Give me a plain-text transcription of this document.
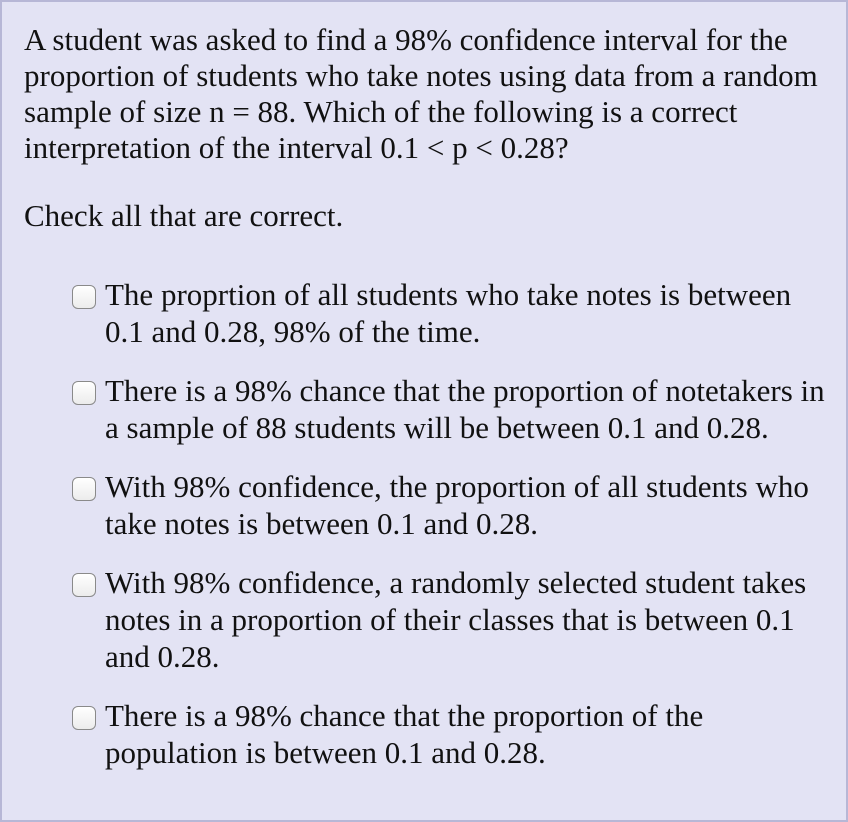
A student was asked to find a 98% confidence interval for the proportion of students who take notes using data from a random sample of size n = 88. Which of the following is a correct interpretation of the interval 0.1 < p < 0.28?

Check all that are correct.

The proprtion of all students who take notes is between 0.1 and 0.28, 98% of the time.
There is a 98% chance that the proportion of notetakers in a sample of 88 students will be between 0.1 and 0.28.
With 98% confidence, the proportion of all students who take notes is between 0.1 and 0.28.
With 98% confidence, a randomly selected student takes notes in a proportion of their classes that is between 0.1 and 0.28.
There is a 98% chance that the proportion of the population is between 0.1 and 0.28.
